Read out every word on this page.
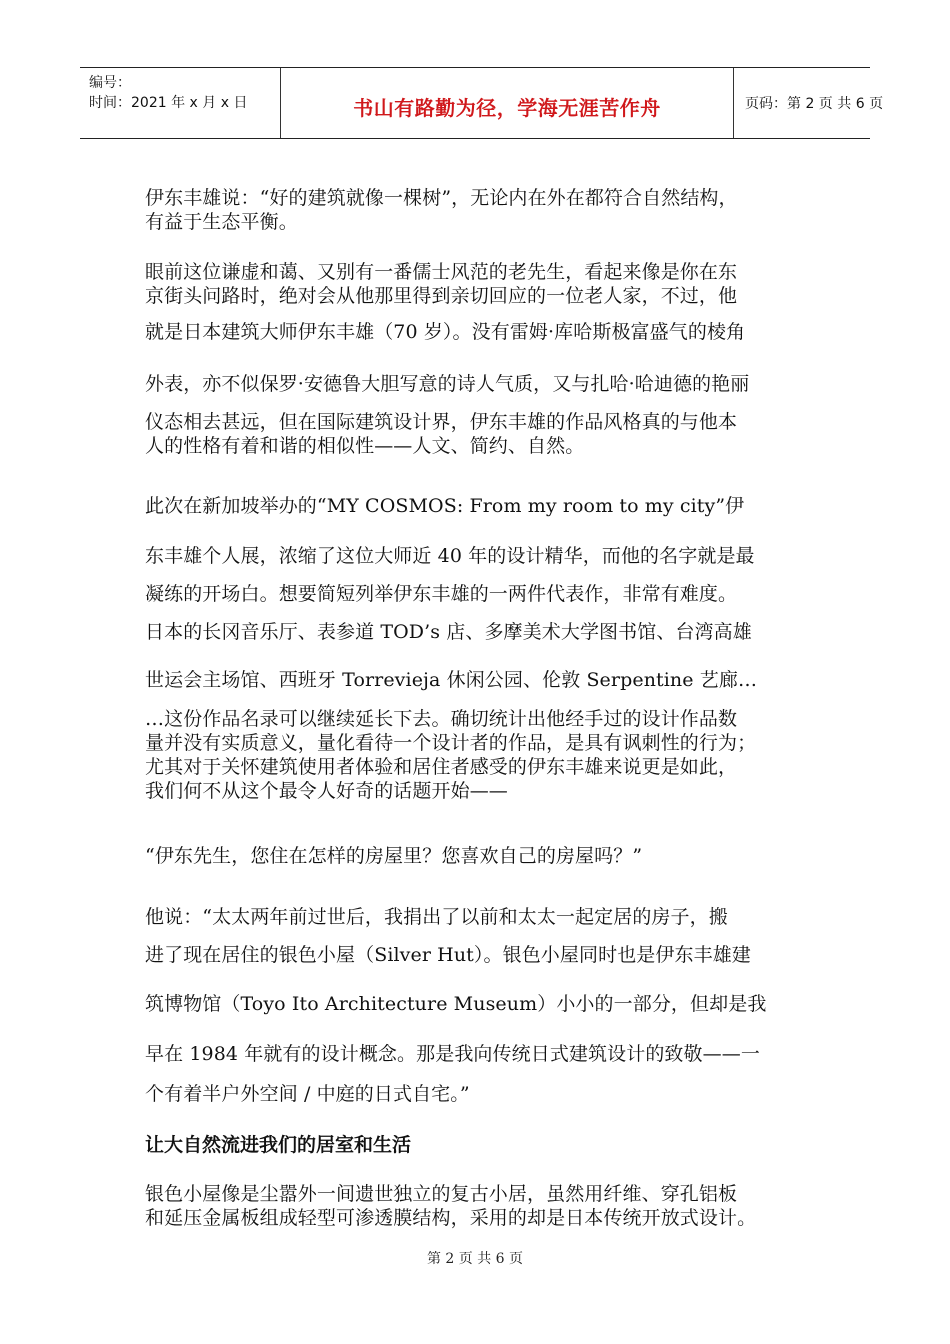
编号：
时间：2021 年 x 月 x 日	书山有路勤为径，学海无涯苦作舟	页码：第 2 页 共 6 页
伊东丰雄说：“好的建筑就像一棵树”，无论内在外在都符合自然结构，
有益于生态平衡。
眼前这位谦虚和蔼、又别有一番儒士风范的老先生，看起来像是你在东
京街头问路时，绝对会从他那里得到亲切回应的一位老人家，不过，他
就是日本建筑大师伊东丰雄（70 岁）。没有雷姆·库哈斯极富盛气的棱角
外表，亦不似保罗·安德鲁大胆写意的诗人气质，又与扎哈·哈迪德的艳丽
仪态相去甚远，但在国际建筑设计界，伊东丰雄的作品风格真的与他本
人的性格有着和谐的相似性——人文、简约、自然。
此次在新加坡举办的“MY COSMOS: From my room to my city”伊
东丰雄个人展，浓缩了这位大师近 40 年的设计精华，而他的名字就是最
凝练的开场白。想要简短列举伊东丰雄的一两件代表作，非常有难度。
日本的长冈音乐厅、表参道 TOD’s 店、多摩美术大学图书馆、台湾高雄
世运会主场馆、西班牙 Torrevieja 休闲公园、伦敦 Serpentine 艺廊…
…这份作品名录可以继续延长下去。确切统计出他经手过的设计作品数
量并没有实质意义，量化看待一个设计者的作品，是具有讽刺性的行为；
尤其对于关怀建筑使用者体验和居住者感受的伊东丰雄来说更是如此，
我们何不从这个最令人好奇的话题开始——
“伊东先生，您住在怎样的房屋里？您喜欢自己的房屋吗？”
他说：“太太两年前过世后，我捐出了以前和太太一起定居的房子，搬
进了现在居住的银色小屋（Silver Hut）。银色小屋同时也是伊东丰雄建
筑博物馆（Toyo Ito Architecture Museum）小小的一部分，但却是我
早在 1984 年就有的设计概念。那是我向传统日式建筑设计的致敬——一
个有着半户外空间 / 中庭的日式自宅。”
让大自然流进我们的居室和生活
银色小屋像是尘嚣外一间遗世独立的复古小居，虽然用纤维、穿孔铝板
和延压金属板组成轻型可渗透膜结构，采用的却是日本传统开放式设计。
第 2 页 共 6 页
